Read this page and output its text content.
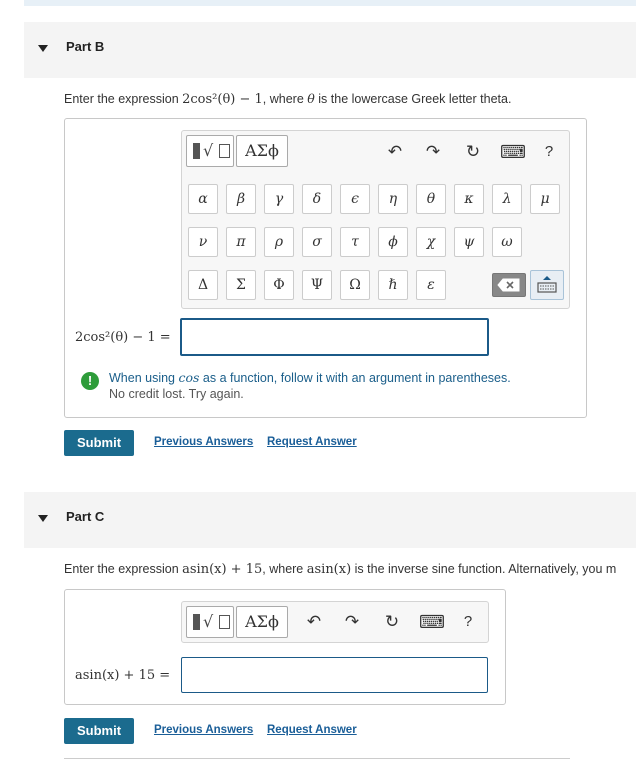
Part B
Enter the expression 2cos²(θ) − 1, where θ is the lowercase Greek letter theta.
√	ΑΣϕ	↶ ↷ ↻ ⌨	?
α	β	γ	δ	ϵ	η	θ	κ	λ	μ
ν	π	ρ	σ	τ	ϕ	χ	ψ	ω
Δ	Σ	Φ	Ψ	Ω	ℏ	ε
2cos²(θ) − 1 =
!	When using cos as a function, follow it with an argument in parentheses.
No credit lost. Try again.
Submit	Previous Answers Request Answer
Part C
Enter the expression asin(x) + 15, where asin(x) is the inverse sine function. Alternatively, you m
√	ΑΣϕ	↶ ↷ ↻ ⌨	?
asin(x) + 15 =
Submit	Previous Answers Request Answer
